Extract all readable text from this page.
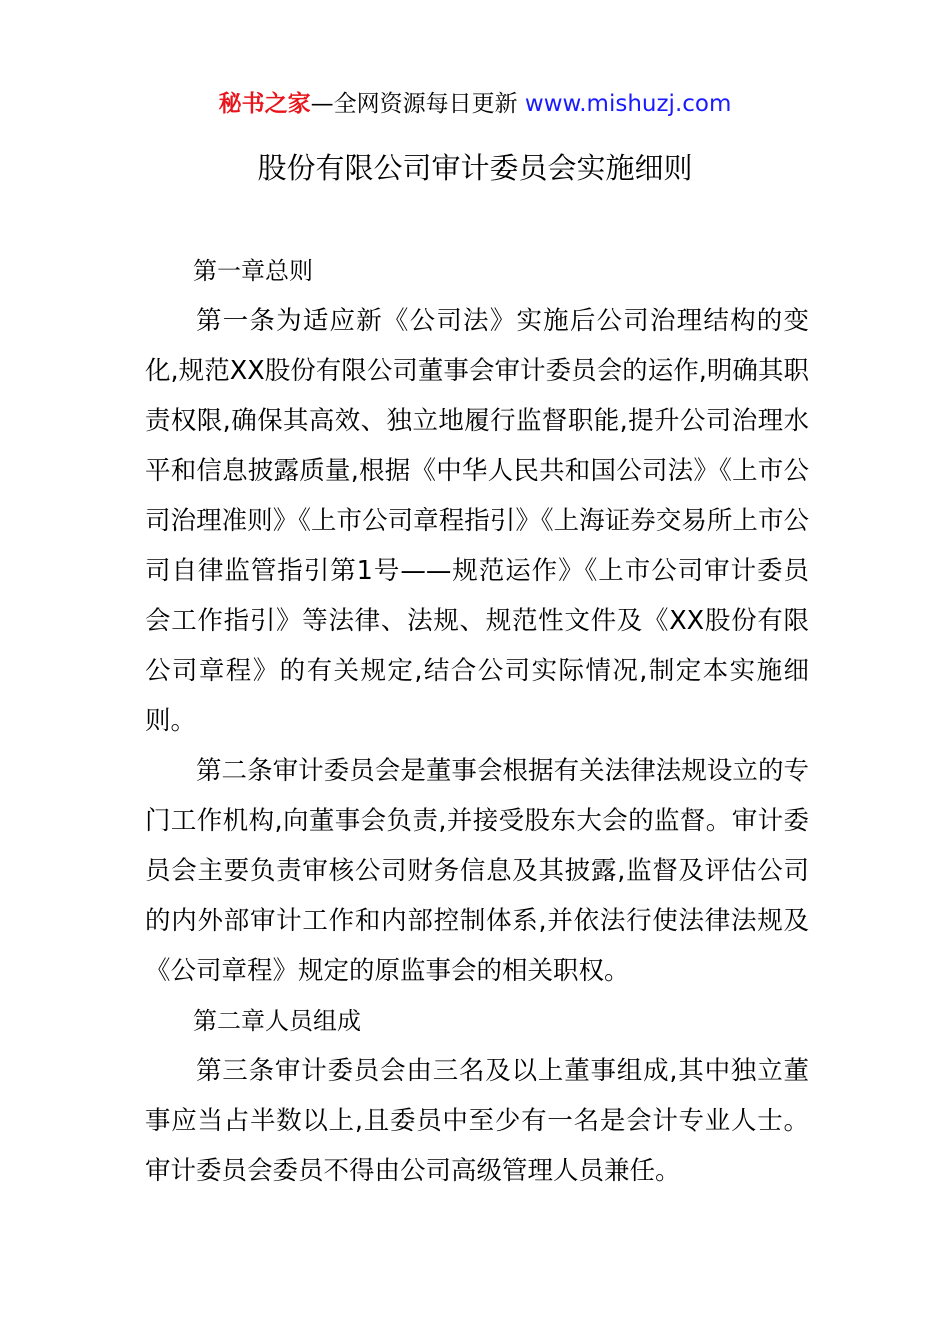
秘书之家—全网资源每日更新 www.mishuzj.com
股份有限公司审计委员会实施细则

第一章总则

第一条为适应新《公司法》实施后公司治理结构的变化,规范XX股份有限公司董事会审计委员会的运作,明确其职责权限,确保其高效、独立地履行监督职能,提升公司治理水平和信息披露质量,根据《中华人民共和国公司法》《上市公司治理准则》《上市公司章程指引》《上海证券交易所上市公司自律监管指引第1号——规范运作》《上市公司审计委员会工作指引》等法律、法规、规范性文件及《XX股份有限公司章程》的有关规定,结合公司实际情况,制定本实施细则。

第二条审计委员会是董事会根据有关法律法规设立的专门工作机构,向董事会负责,并接受股东大会的监督。审计委员会主要负责审核公司财务信息及其披露,监督及评估公司的内外部审计工作和内部控制体系,并依法行使法律法规及《公司章程》规定的原监事会的相关职权。

第二章人员组成

第三条审计委员会由三名及以上董事组成,其中独立董事应当占半数以上,且委员中至少有一名是会计专业人士。审计委员会委员不得由公司高级管理人员兼任。
